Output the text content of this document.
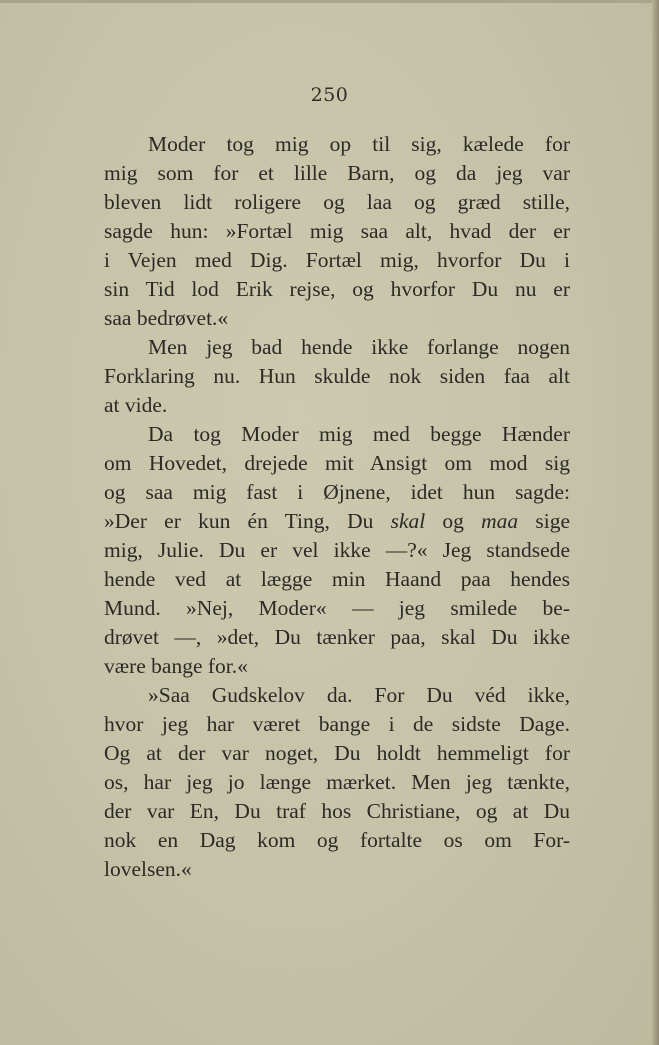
250
Moder tog mig op til sig, kælede for
mig som for et lille Barn, og da jeg var
bleven lidt roligere og laa og græd stille,
sagde hun: »Fortæl mig saa alt, hvad der er
i Vejen med Dig. Fortæl mig, hvorfor Du i
sin Tid lod Erik rejse, og hvorfor Du nu er
saa bedrøvet.«
Men jeg bad hende ikke forlange nogen
Forklaring nu. Hun skulde nok siden faa alt
at vide.
Da tog Moder mig med begge Hænder
om Hovedet, drejede mit Ansigt om mod sig
og saa mig fast i Øjnene, idet hun sagde:
»Der er kun én Ting, Du skal og maa sige
mig, Julie. Du er vel ikke —?« Jeg standsede
hende ved at lægge min Haand paa hendes
Mund. »Nej, Moder« — jeg smilede be-
drøvet —, »det, Du tænker paa, skal Du ikke
være bange for.«
»Saa Gudskelov da. For Du véd ikke,
hvor jeg har været bange i de sidste Dage.
Og at der var noget, Du holdt hemmeligt for
os, har jeg jo længe mærket. Men jeg tænkte,
der var En, Du traf hos Christiane, og at Du
nok en Dag kom og fortalte os om For-
lovelsen.«
